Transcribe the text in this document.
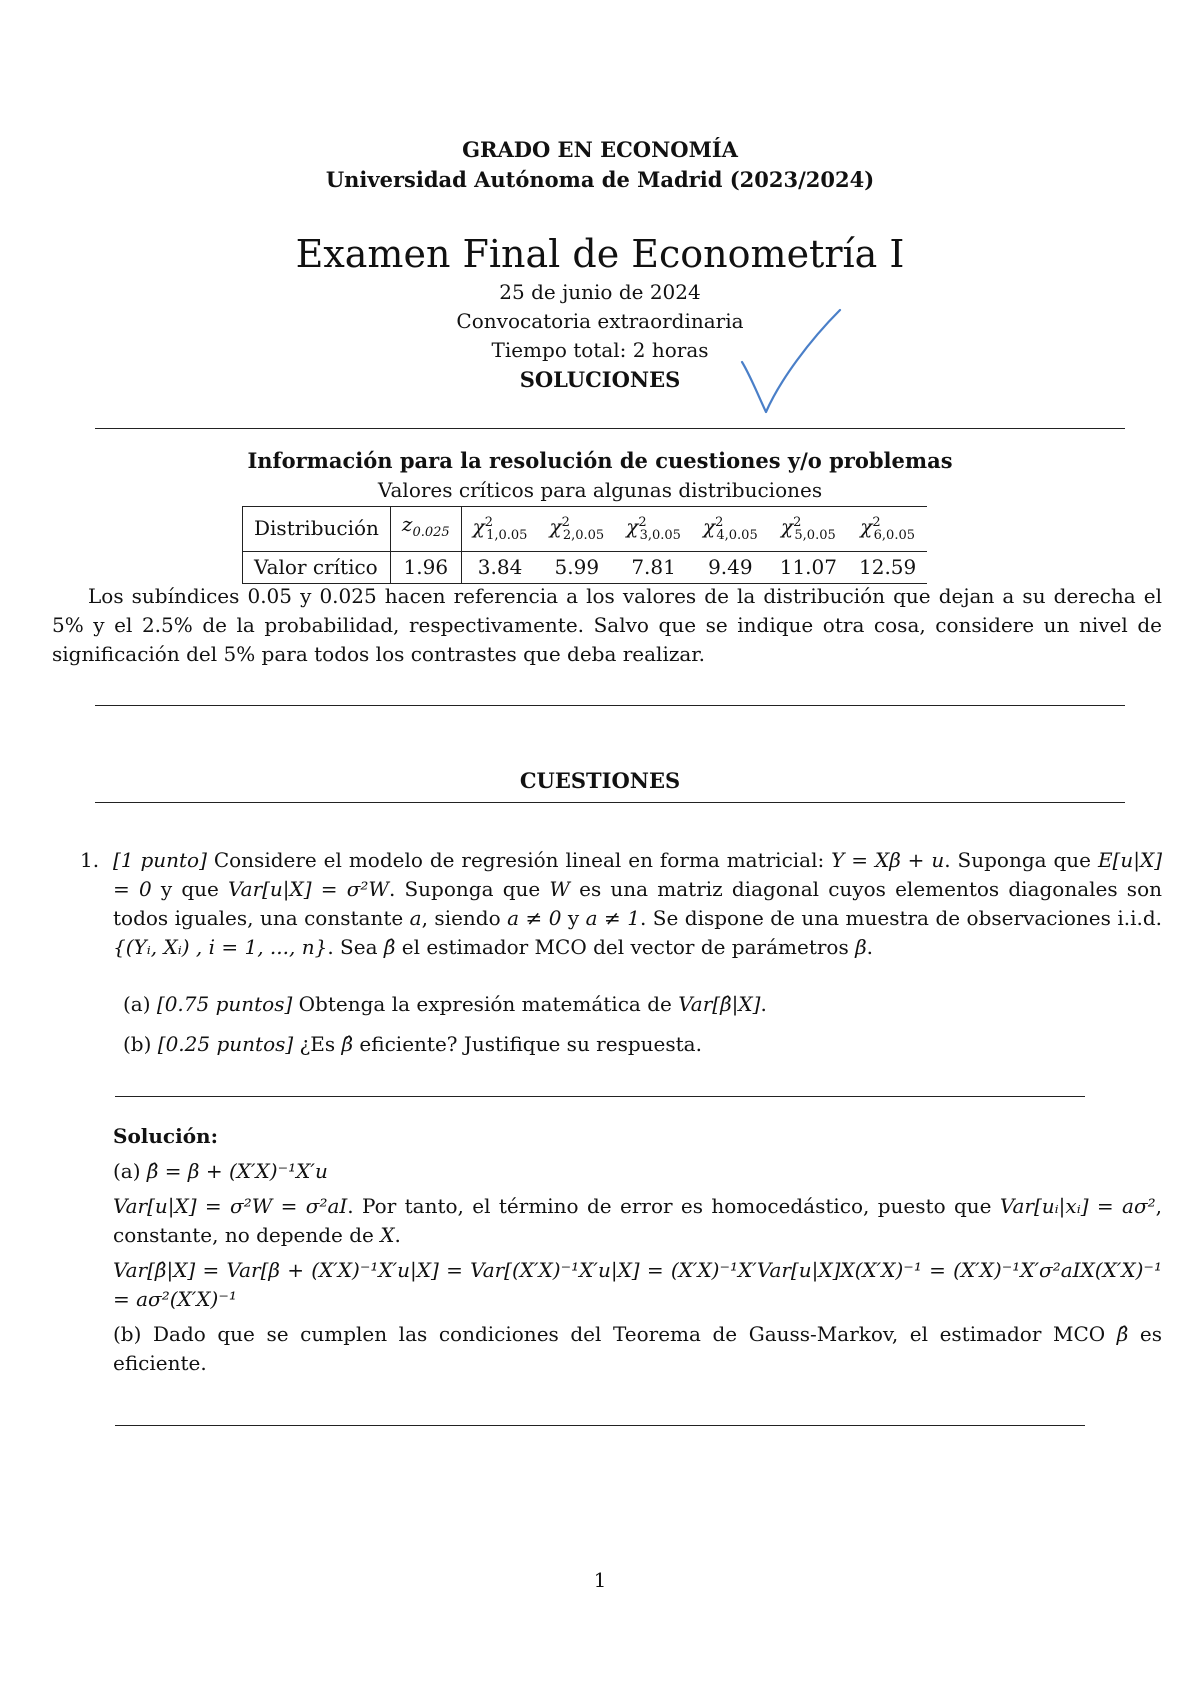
GRADO EN ECONOMÍA
Universidad Autónoma de Madrid (2023/2024)
Examen Final de Econometría I
25 de junio de 2024
Convocatoria extraordinaria
Tiempo total: 2 horas
SOLUCIONES
Información para la resolución de cuestiones y/o problemas
Valores críticos para algunas distribuciones
Distribución	$z_{0.025}$	$\chi^2_{1,0.05}$	$\chi^2_{2,0.05}$	$\chi^2_{3,0.05}$	$\chi^2_{4,0.05}$	$\chi^2_{5,0.05}$	$\chi^2_{6,0.05}$
Valor crítico	1.96	3.84	5.99	7.81	9.49	11.07	12.59
Los subíndices 0.05 y 0.025 hacen referencia a los valores de la distribución que dejan a su derecha el 5% y el 2.5% de la probabilidad, respectivamente. Salvo que se indique otra cosa, considere un nivel de significación del 5% para todos los contrastes que deba realizar.
CUESTIONES
1. [1 punto] Considere el modelo de regresión lineal en forma matricial: Y = Xβ + u. Suponga que E[u|X] = 0 y que Var[u|X] = σ²W. Suponga que W es una matriz diagonal cuyos elementos diagonales son todos iguales, una constante a, siendo a ≠ 0 y a ≠ 1. Se dispone de una muestra de observaciones i.i.d. {(Yᵢ, Xᵢ) , i = 1, ..., n}. Sea β̂ el estimador MCO del vector de parámetros β.
(a) [0.75 puntos] Obtenga la expresión matemática de Var[β̂|X].
(b) [0.25 puntos] ¿Es β̂ eficiente? Justifique su respuesta.
Solución:
(a) β̂ = β + (X′X)⁻¹X′u
Var[u|X] = σ²W = σ²aI. Por tanto, el término de error es homocedástico, puesto que Var[uᵢ|xᵢ] = aσ², constante, no depende de X.
Var[β̂|X] = Var[β + (X′X)⁻¹X′u|X] = Var[(X′X)⁻¹X′u|X] = (X′X)⁻¹X′Var[u|X]X(X′X)⁻¹ = (X′X)⁻¹X′σ²aIX(X′X)⁻¹ = aσ²(X′X)⁻¹
(b) Dado que se cumplen las condiciones del Teorema de Gauss-Markov, el estimador MCO β̂ es eficiente.
1
